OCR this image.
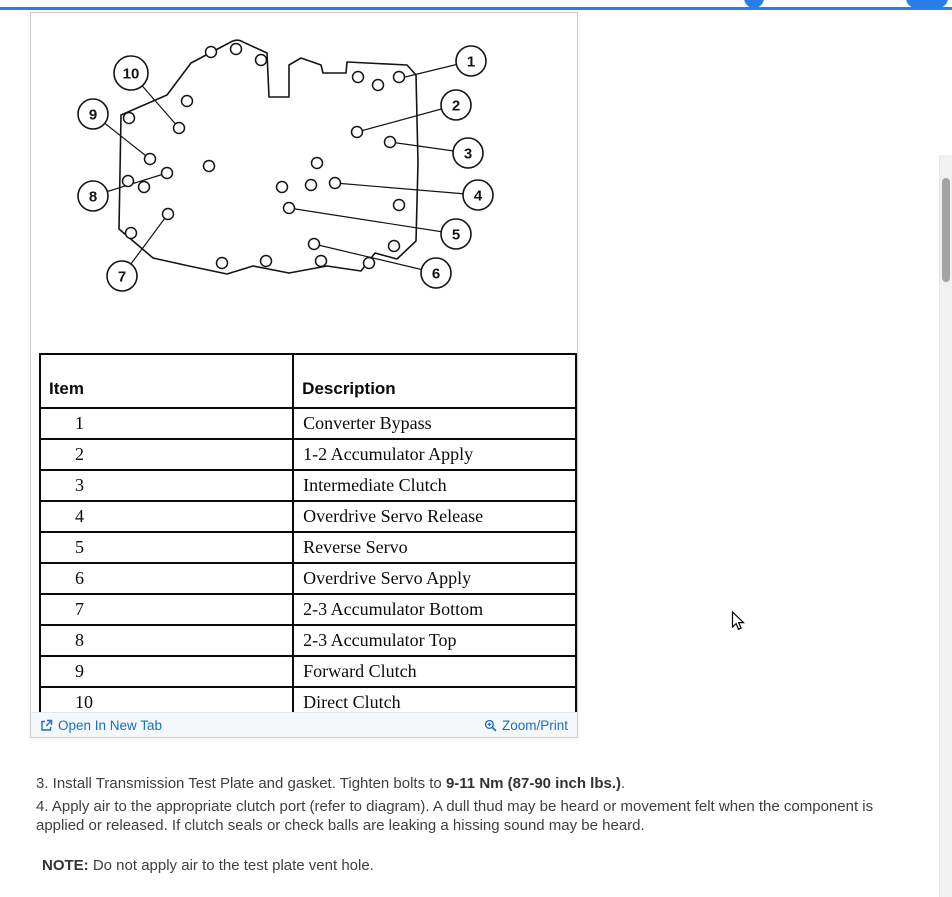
1
2
3
4
5
6
7
8
9
10
Item	Description
1	Converter Bypass
2	1-2 Accumulator Apply
3	Intermediate Clutch
4	Overdrive Servo Release
5	Reverse Servo
6	Overdrive Servo Apply
7	2-3 Accumulator Bottom
8	2-3 Accumulator Top
9	Forward Clutch
10	Direct Clutch
Open In New Tab	Zoom/Print

3. Install Transmission Test Plate and gasket. Tighten bolts to 9-11 Nm (87-90 inch lbs.).

4. Apply air to the appropriate clutch port (refer to diagram). A dull thud may be heard or movement felt when the component is applied or released. If clutch seals or check balls are leaking a hissing sound may be heard.

NOTE: Do not apply air to the test plate vent hole.
